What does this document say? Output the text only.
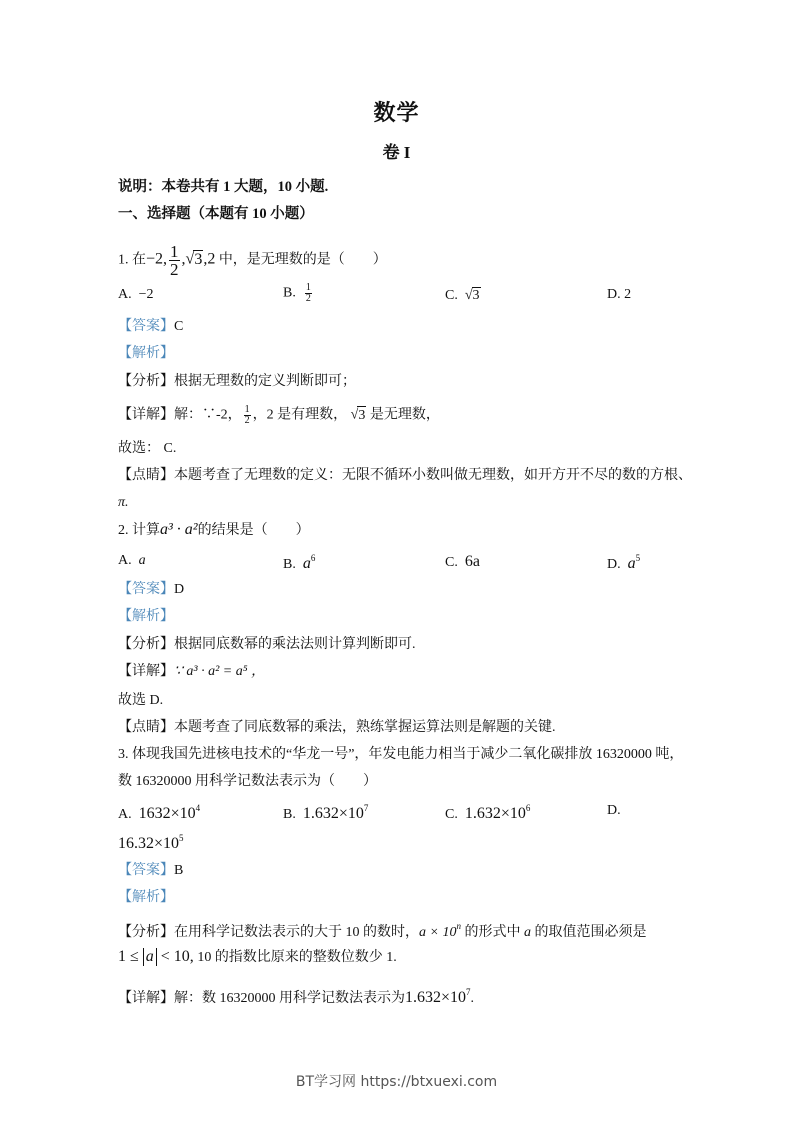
数学
卷 I
说明：本卷共有 1 大题，10 小题.
一、选择题（本题有 10 小题）
1. 在−2, $\frac{1}{2} ,√3,2$ 中，是无理数的是（　　）
A. −2	B. $\frac{1}{2}$	C.  √3	D. 2
【答案】C
【解析】
【分析】根据无理数的定义判断即可；
【详解】解：∵-2， $\frac{1}{2}$ ，2 是有理数， √3 是无理数，
故选： C.
【点睛】本题考查了无理数的定义：无限不循环小数叫做无理数，如开方开不尽的数的方根、
π.
2. 计算a³ · a²的结果是（　　）
A. a	B. $a^6$	C. 6a	D. $a^5$
【答案】D
【解析】
【分析】根据同底数幂的乘法法则计算判断即可.
【详解】∵ a³ · a² = a⁵ ，
故选 D.
【点睛】本题考查了同底数幂的乘法，熟练掌握运算法则是解题的关键.
3. 体现我国先进核电技术的“华龙一号”，年发电能力相当于减少二氧化碳排放 16320000 吨，
数 16320000 用科学记数法表示为（　　）
A. $1632\times 10^4$	B. $1.632\times 10^7$	C. $1.632\times 10^6$	D.
$16.32\times 10^5$
【答案】B
【解析】
【分析】在用科学记数法表示的大于 10 的数时，$a \times 10^n$ 的形式中 a 的取值范围必须是
1 ≤ a < 10, 10 的指数比原来的整数位数少 1.
【详解】解：数 16320000 用科学记数法表示为$1.632\times 10^7$.
BT学习网 https://btxuexi.com
